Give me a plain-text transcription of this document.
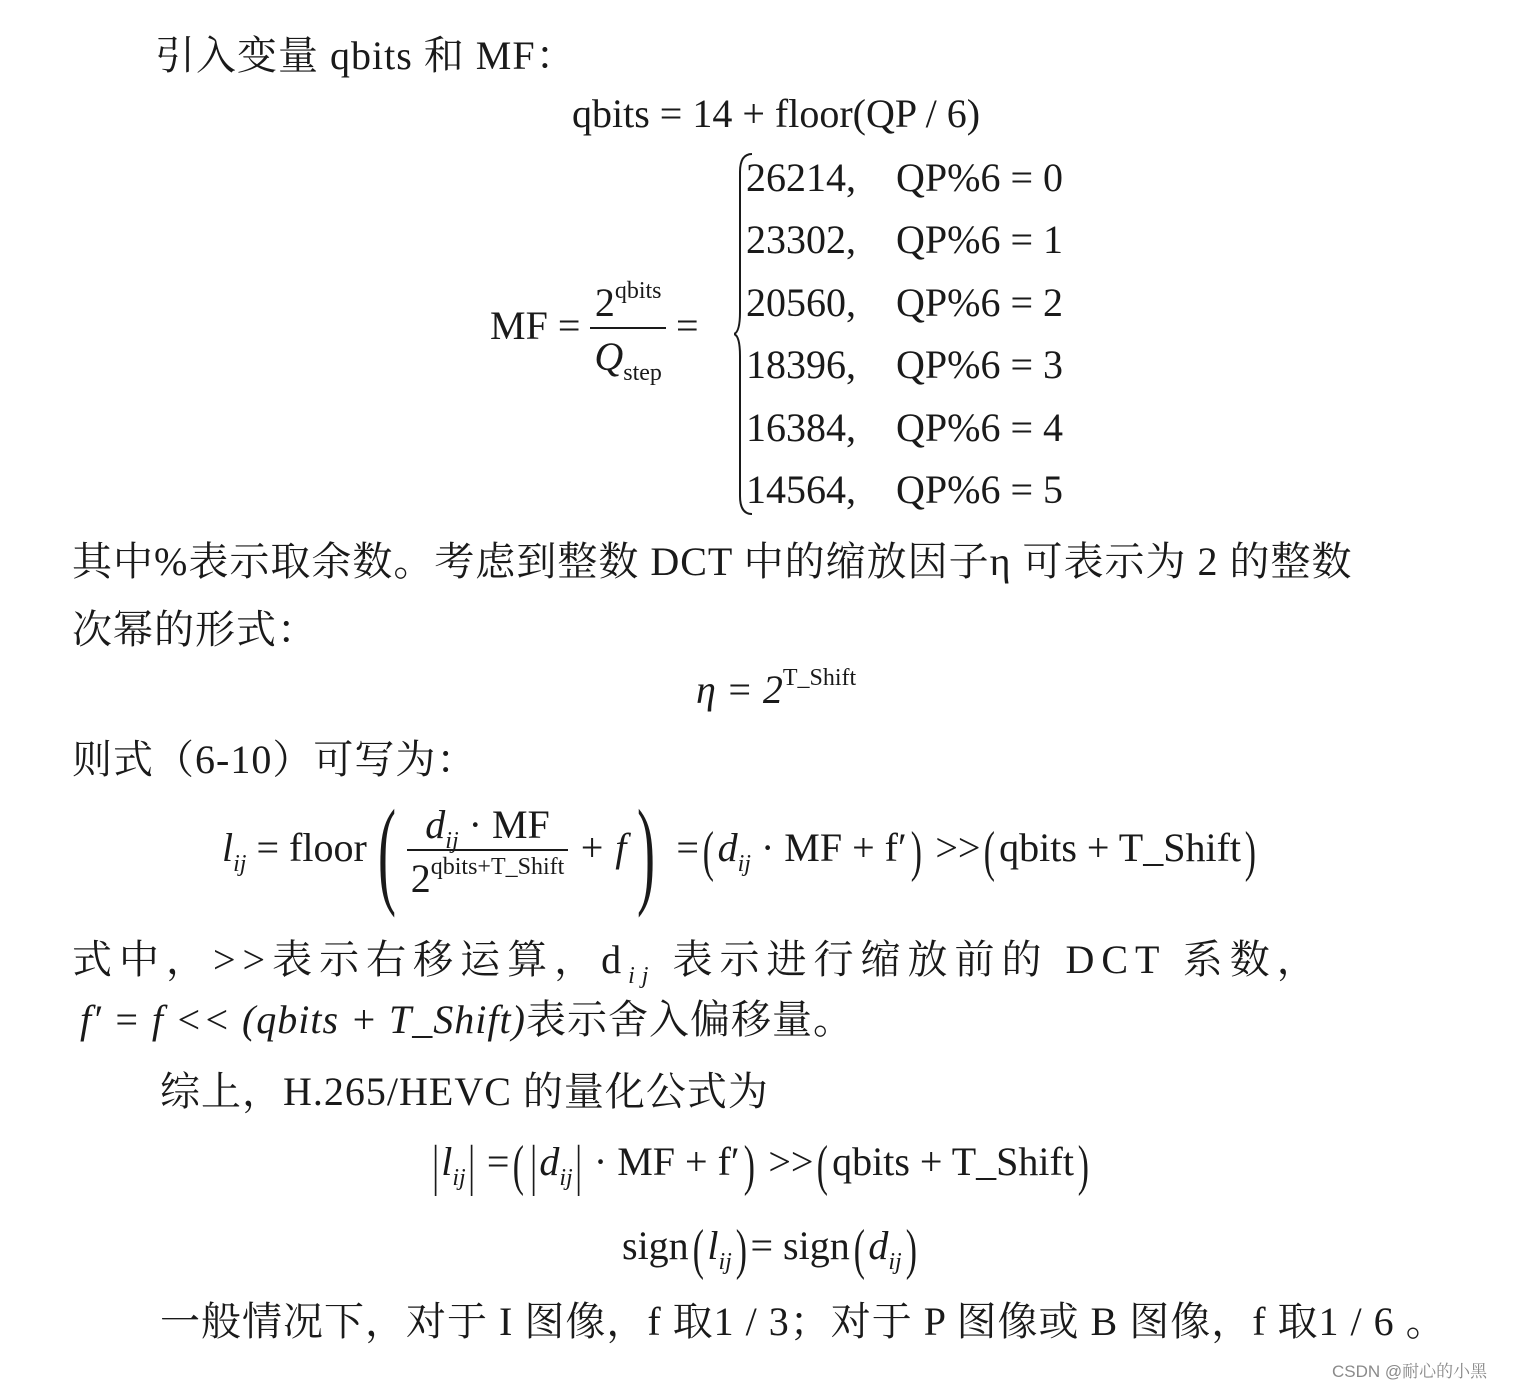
引入变量 qbits 和 MF：
qbits = 14 + floor(QP / 6)
MF = $\frac{2^{qbits}}{Q_{step}}$ =
26214, QP%6 = 0
23302, QP%6 = 1
20560, QP%6 = 2
18396, QP%6 = 3
16384, QP%6 = 4
14564, QP%6 = 5
其中%表示取余数。考虑到整数 DCT 中的缩放因子η 可表示为 2 的整数
次幂的形式：
$\eta = 2^{T\_Shift}$
则式（6-10）可写为：
$l_{ij}$ = floor( $\frac{d_{ij} \cdot MF}{2^{qbits+T\_Shift}} + f) =(d_{ij}$ · MF + f′) >>(qbits + T_Shift)
式中，>>表示右移运算，$d_{ij}$ 表示进行缩放前的 DCT 系数，
f′ = f << (qbits + T_Shift)表示舍入偏移量。
综上，H.265/HEVC 的量化公式为
$|l_{ij}|$ =( $|d_{ij}|$ · MF + f′) >>(qbits + T_Shift)
$sign(l_{ij})=$ $sign(d_{ij})$
一般情况下，对于 I 图像，f 取1 / 3；对于 P 图像或 B 图像，f 取1 / 6 。
CSDN @耐心的小黑
